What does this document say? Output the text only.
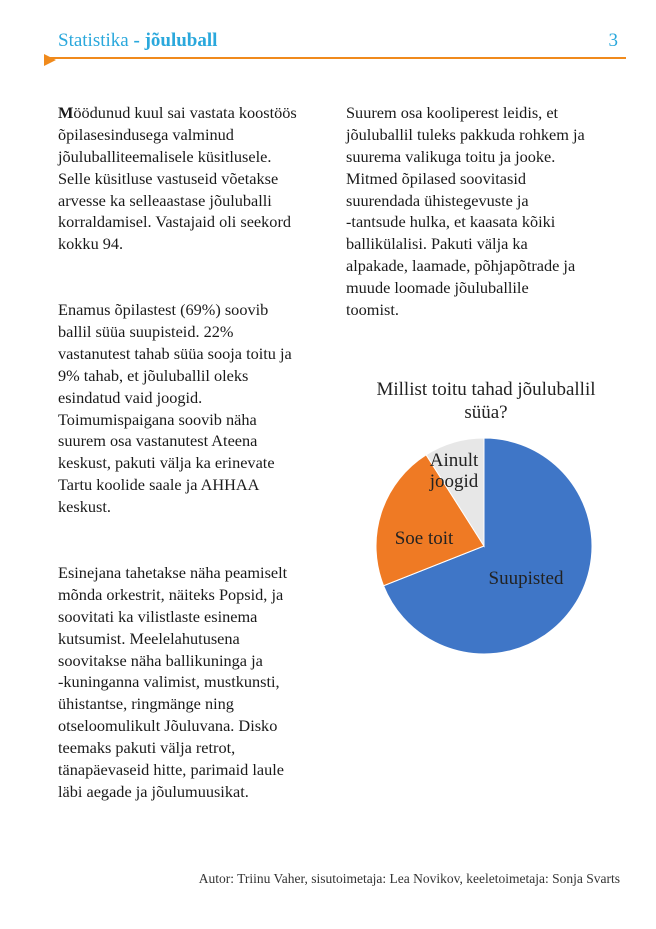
Statistika - jõuluball	3

Möödunud kuul sai vastata koostöös
õpilasesindusega valminud
jõuluballiteemalisele küsitlusele.
Selle küsitluse vastuseid võetakse
arvesse ka selleaastase jõuluballi
korraldamisel. Vastajaid oli seekord
kokku 94.

Enamus õpilastest (69%) soovib
ballil süüa suupisteid. 22%
vastanutest tahab süüa sooja toitu ja
9% tahab, et jõuluballil oleks
esindatud vaid joogid.
Toimumispaigana soovib näha
suurem osa vastanutest Ateena
keskust, pakuti välja ka erinevate
Tartu koolide saale ja AHHAA
keskust.

Esinejana tahetakse näha peamiselt
mõnda orkestrit, näiteks Popsid, ja
soovitati ka vilistlaste esinema
kutsumist. Meelelahutusena
soovitakse näha ballikuninga ja
-kuninganna valimist, mustkunsti,
ühistantse, ringmänge ning
otseloomulikult Jõuluvana. Disko
teemaks pakuti välja retrot,
tänapäevaseid hitte, parimaid laule
läbi aegade ja jõulumuusikat.

Suurem osa kooliperest leidis, et
jõuluballil tuleks pakkuda rohkem ja
suurema valikuga toitu ja jooke.
Mitmed õpilased soovitasid
suurendada ühistegevuste ja
-tantsude hulka, et kaasata kõiki
ballikülalisi. Pakuti välja ka
alpakade, laamade, põhjapõtrade ja
muude loomade jõuluballile
toomist.

Millist toitu tahad jõuluballil
süüa?
Suupisted
Soe toit
Ainult joogid
Autor: Triinu Vaher, sisutoimetaja: Lea Novikov, keeletoimetaja: Sonja Svarts
